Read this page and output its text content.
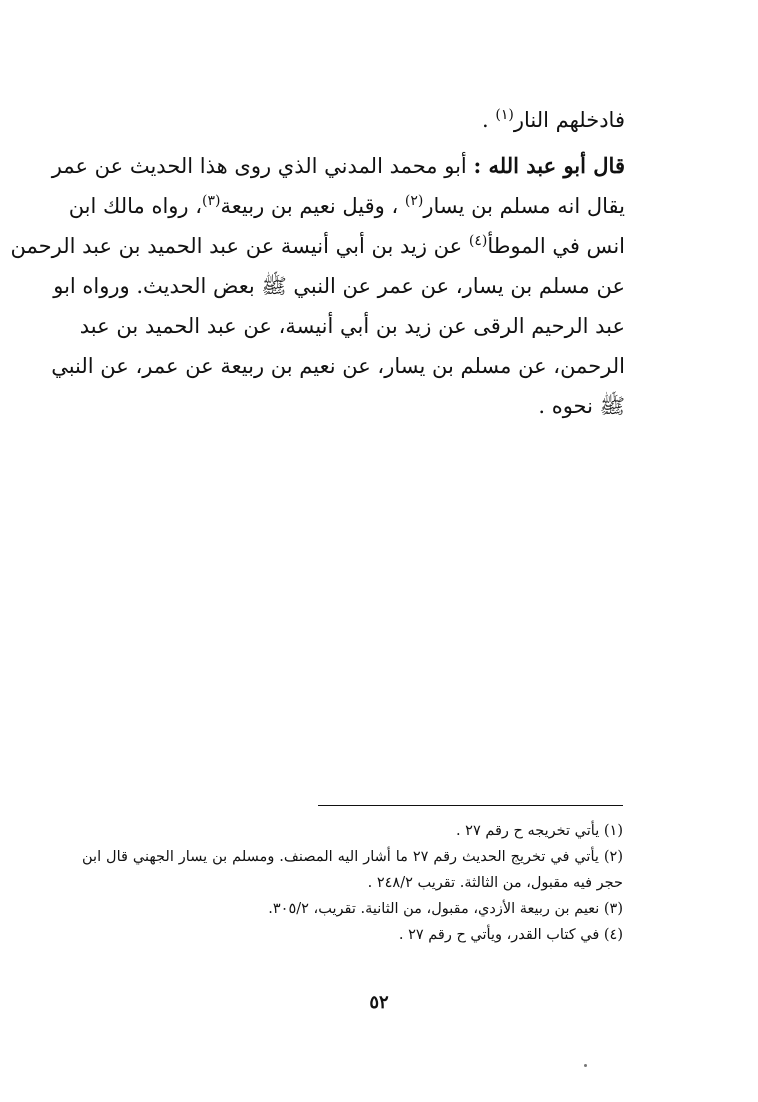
فادخلهم النار$^{(١)}$ .
قال أبو عبد الله : أبو محمد المدني الذي روى هذا الحديث عن عمر
يقال انه مسلم بن يسار$^{(٢)}$ ، وقيل نعيم بن ربيعة$^{(٣)}$، رواه مالك ابن
انس في الموطأ$^{(٤)}$ عن زيد بن أبي أنيسة عن عبد الحميد بن عبد الرحمن
عن مسلم بن يسار، عن عمر عن النبي ﷺ بعض الحديث. ورواه ابو
عبد الرحيم الرقى عن زيد بن أبي أنيسة، عن عبد الحميد بن عبد
الرحمن، عن مسلم بن يسار، عن نعيم بن ربيعة عن عمر، عن النبي
ﷺ نحوه .
(١) يأتي تخريجه ح رقم ٢٧ .
(٢) يأتي في تخريج الحديث رقم ٢٧ ما أشار اليه المصنف. ومسلم بن يسار الجهني قال ابن حجر فيه مقبول، من الثالثة. تقريب ٢٤٨/٢ .
(٣) نعيم بن ربيعة الأزدي، مقبول، من الثانية. تقريب، ٣٠٥/٢.
(٤) في كتاب القدر، ويأتي ح رقم ٢٧ .
٥٢
